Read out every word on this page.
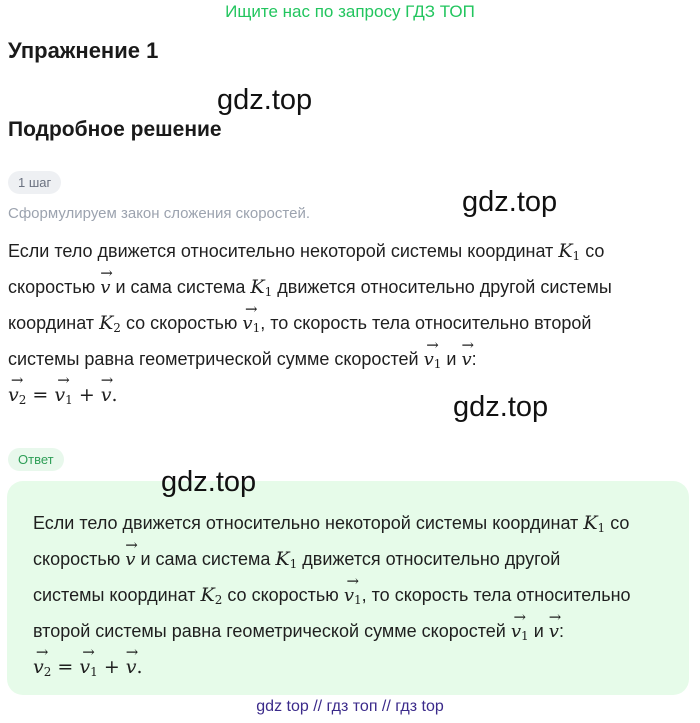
Ищите нас по запросу ГДЗ ТОП
Упражнение 1
gdz.top
Подробное решение
1 шаг
Сформулируем закон сложения скоростей.	gdz.top
Если тело движется относительно некоторой системы координат $K_1$ со
скоростью → v и сама система $K_1$ движется относительно другой системы
координат $K_2$ со скоростью → $v_1$, то скорость тела относительно второй
системы равна геометрической сумме скоростей → $v_1$ и → v:
→ $v_2$ = → $v_1$ + → v.	gdz.top
Ответ
Если тело движется относительно некоторой системы координат $K_1$ со
скоростью → v и сама система $K_1$ движется относительно другой
системы координат $K_2$ со скоростью → $v_1$, то скорость тела относительно
второй системы равна геометрической сумме скоростей → $v_1$ и → v:
→ $v_2$ = → $v_1$ + → v.
gdz.top
gdz top // гдз топ // гдз top
